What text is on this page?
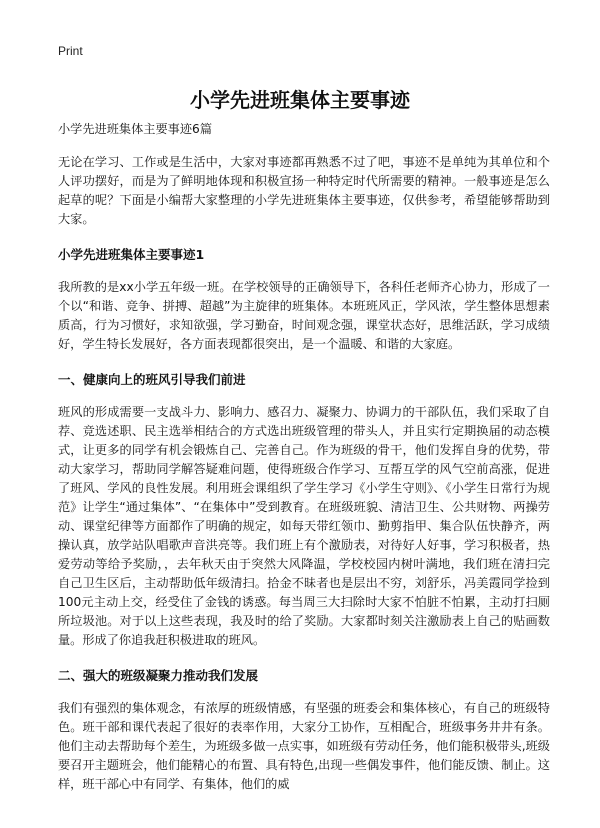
Print
小学先进班集体主要事迹

小学先进班集体主要事迹6篇

无论在学习、工作或是生活中，大家对事迹都再熟悉不过了吧，事迹不是单纯为其单位和个人评功摆好，而是为了鲜明地体现和积极宣扬一种特定时代所需要的精神。一般事迹是怎么起草的呢？下面是小编帮大家整理的小学先进班集体主要事迹，仅供参考，希望能够帮助到大家。

小学先进班集体主要事迹1

我所教的是xx小学五年级一班。在学校领导的正确领导下，各科任老师齐心协力，形成了一个以“和谐、竞争、拼搏、超越”为主旋律的班集体。本班班风正，学风浓，学生整体思想素质高，行为习惯好，求知欲强，学习勤奋，时间观念强，课堂状态好，思维活跃，学习成绩好，学生特长发展好，各方面表现都很突出，是一个温暖、和谐的大家庭。

一、健康向上的班风引导我们前进

班风的形成需要一支战斗力、影响力、感召力、凝聚力、协调力的干部队伍，我们采取了自荐、竞选述职、民主选举相结合的方式选出班级管理的带头人，并且实行定期换届的动态模式，让更多的同学有机会锻炼自己、完善自己。作为班级的骨干，他们发挥自身的优势，带动大家学习，帮助同学解答疑难问题，使得班级合作学习、互帮互学的风气空前高涨，促进了班风、学风的良性发展。利用班会课组织了学生学习《小学生守则》、《小学生日常行为规范》让学生“通过集体”、“在集体中”受到教育。在班级班貌、清洁卫生、公共财物、两操劳动、课堂纪律等方面都作了明确的规定，如每天带红领巾、勤剪指甲、集合队伍快静齐，两操认真，放学站队唱歌声音洪亮等。我们班上有个激励表，对待好人好事，学习积极者，热爱劳动等给予奖励，，去年秋天由于突然大风降温，学校校园内树叶满地，我们班在清扫完自己卫生区后，主动帮助低年级清扫。拾金不昧者也是层出不穷，刘舒乐，冯美霞同学捡到100元主动上交，经受住了金钱的诱惑。每当周三大扫除时大家不怕脏不怕累，主动打扫厕所垃圾池。对于以上这些表现，我及时的给了奖励。大家都时刻关注激励表上自己的贴画数量。形成了你追我赶积极进取的班风。

二、强大的班级凝聚力推动我们发展

我们有强烈的集体观念，有浓厚的班级情感，有坚强的班委会和集体核心，有自己的班级特色。班干部和课代表起了很好的表率作用，大家分工协作，互相配合，班级事务井井有条。他们主动去帮助每个差生，为班级多做一点实事，如班级有劳动任务，他们能积极带头,班级要召开主题班会，他们能精心的布置、具有特色,出现一些偶发事件，他们能反馈、制止。这样，班干部心中有同学、有集体，他们的威
